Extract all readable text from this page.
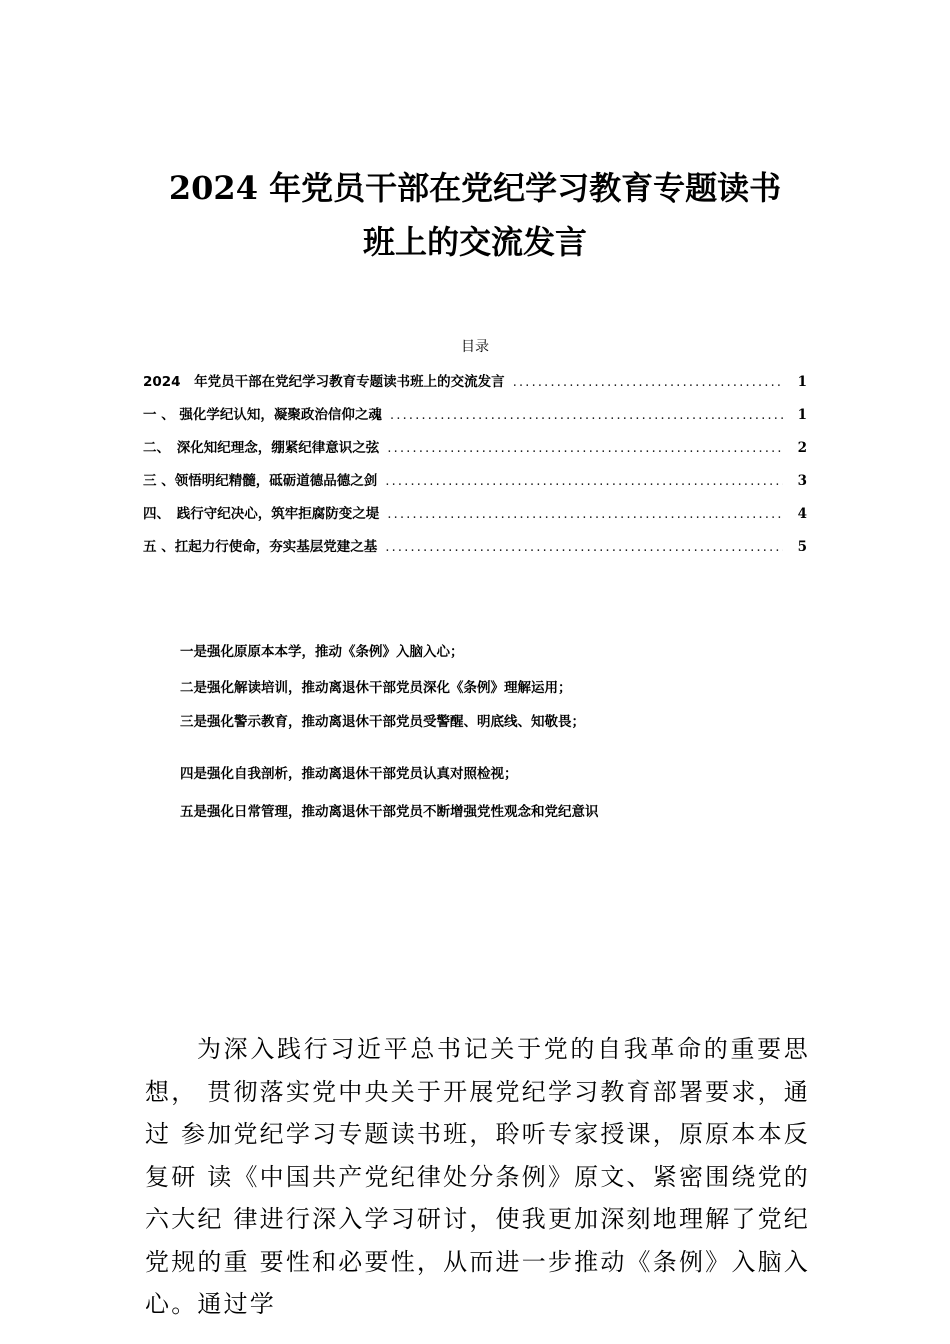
2024 年党员干部在党纪学习教育专题读书
班上的交流发言
目录
2024　年党员干部在党纪学习教育专题读书班上的交流发言 .....	1
一 、 强化学纪认知，凝聚政治信仰之魂 .....	1
二、　深化知纪理念，绷紧纪律意识之弦 .....	2
三 、领悟明纪精髓，砥砺道德品德之剑 .....	3
四、　践行守纪决心，筑牢拒腐防变之堤 .....	4
五 、扛起力行使命，夯实基层党建之基 .....	5
一是强化原原本本学，推动《条例》入脑入心；
二是强化解读培训，推动离退休干部党员深化《条例》理解运用；
三是强化警示教育，推动离退休干部党员受警醒、明底线、知敬畏；
四是强化自我剖析，推动离退休干部党员认真对照检视；
五是强化日常管理，推动离退休干部党员不断增强党性观念和党纪意识

为深入践行习近平总书记关于党的自我革命的重要思想， 贯彻落实党中央关于开展党纪学习教育部署要求，通过 参加党纪学习专题读书班，聆听专家授课，原原本本反复研 读《中国共产党纪律处分条例》原文、紧密围绕党的六大纪 律进行深入学习研讨，使我更加深刻地理解了党纪党规的重 要性和必要性，从而进一步推动《条例》入脑入心。通过学
